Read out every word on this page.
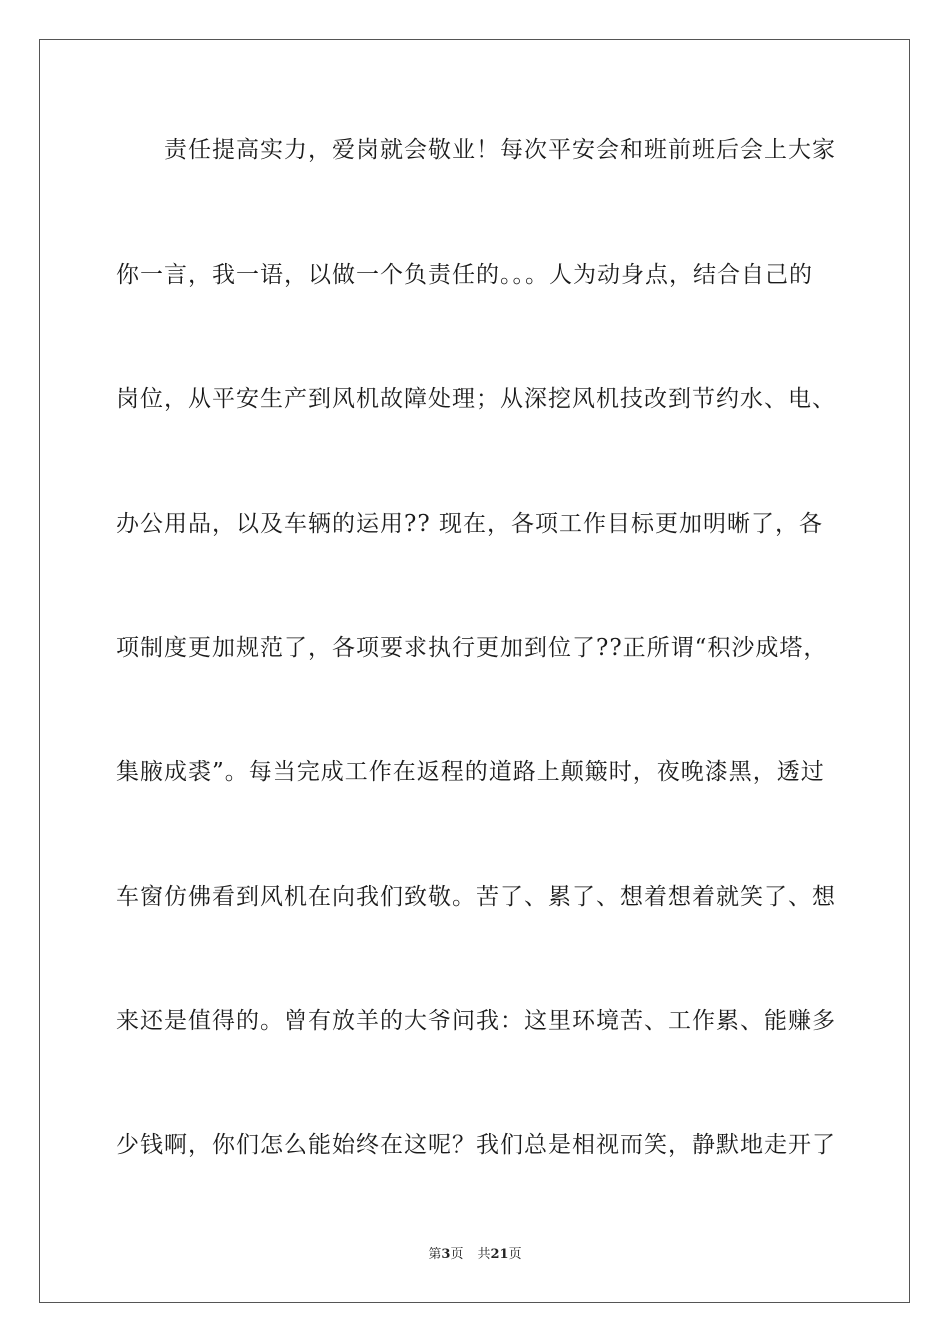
　　责任提高实力，爱岗就会敬业！每次平安会和班前班后会上大家
你一言，我一语，以做一个负责任的。。。人为动身点，结合自己的
岗位，从平安生产到风机故障处理；从深挖风机技改到节约水、电、
办公用品，以及车辆的运用?? 现在，各项工作目标更加明晰了，各
项制度更加规范了，各项要求执行更加到位了??正所谓“积沙成塔，
集腋成裘”。每当完成工作在返程的道路上颠簸时，夜晚漆黑，透过
车窗仿佛看到风机在向我们致敬。苦了、累了、想着想着就笑了、想
来还是值得的。曾有放羊的大爷问我：这里环境苦、工作累、能赚多
少钱啊，你们怎么能始终在这呢？我们总是相视而笑，静默地走开了
第3页 共21页
